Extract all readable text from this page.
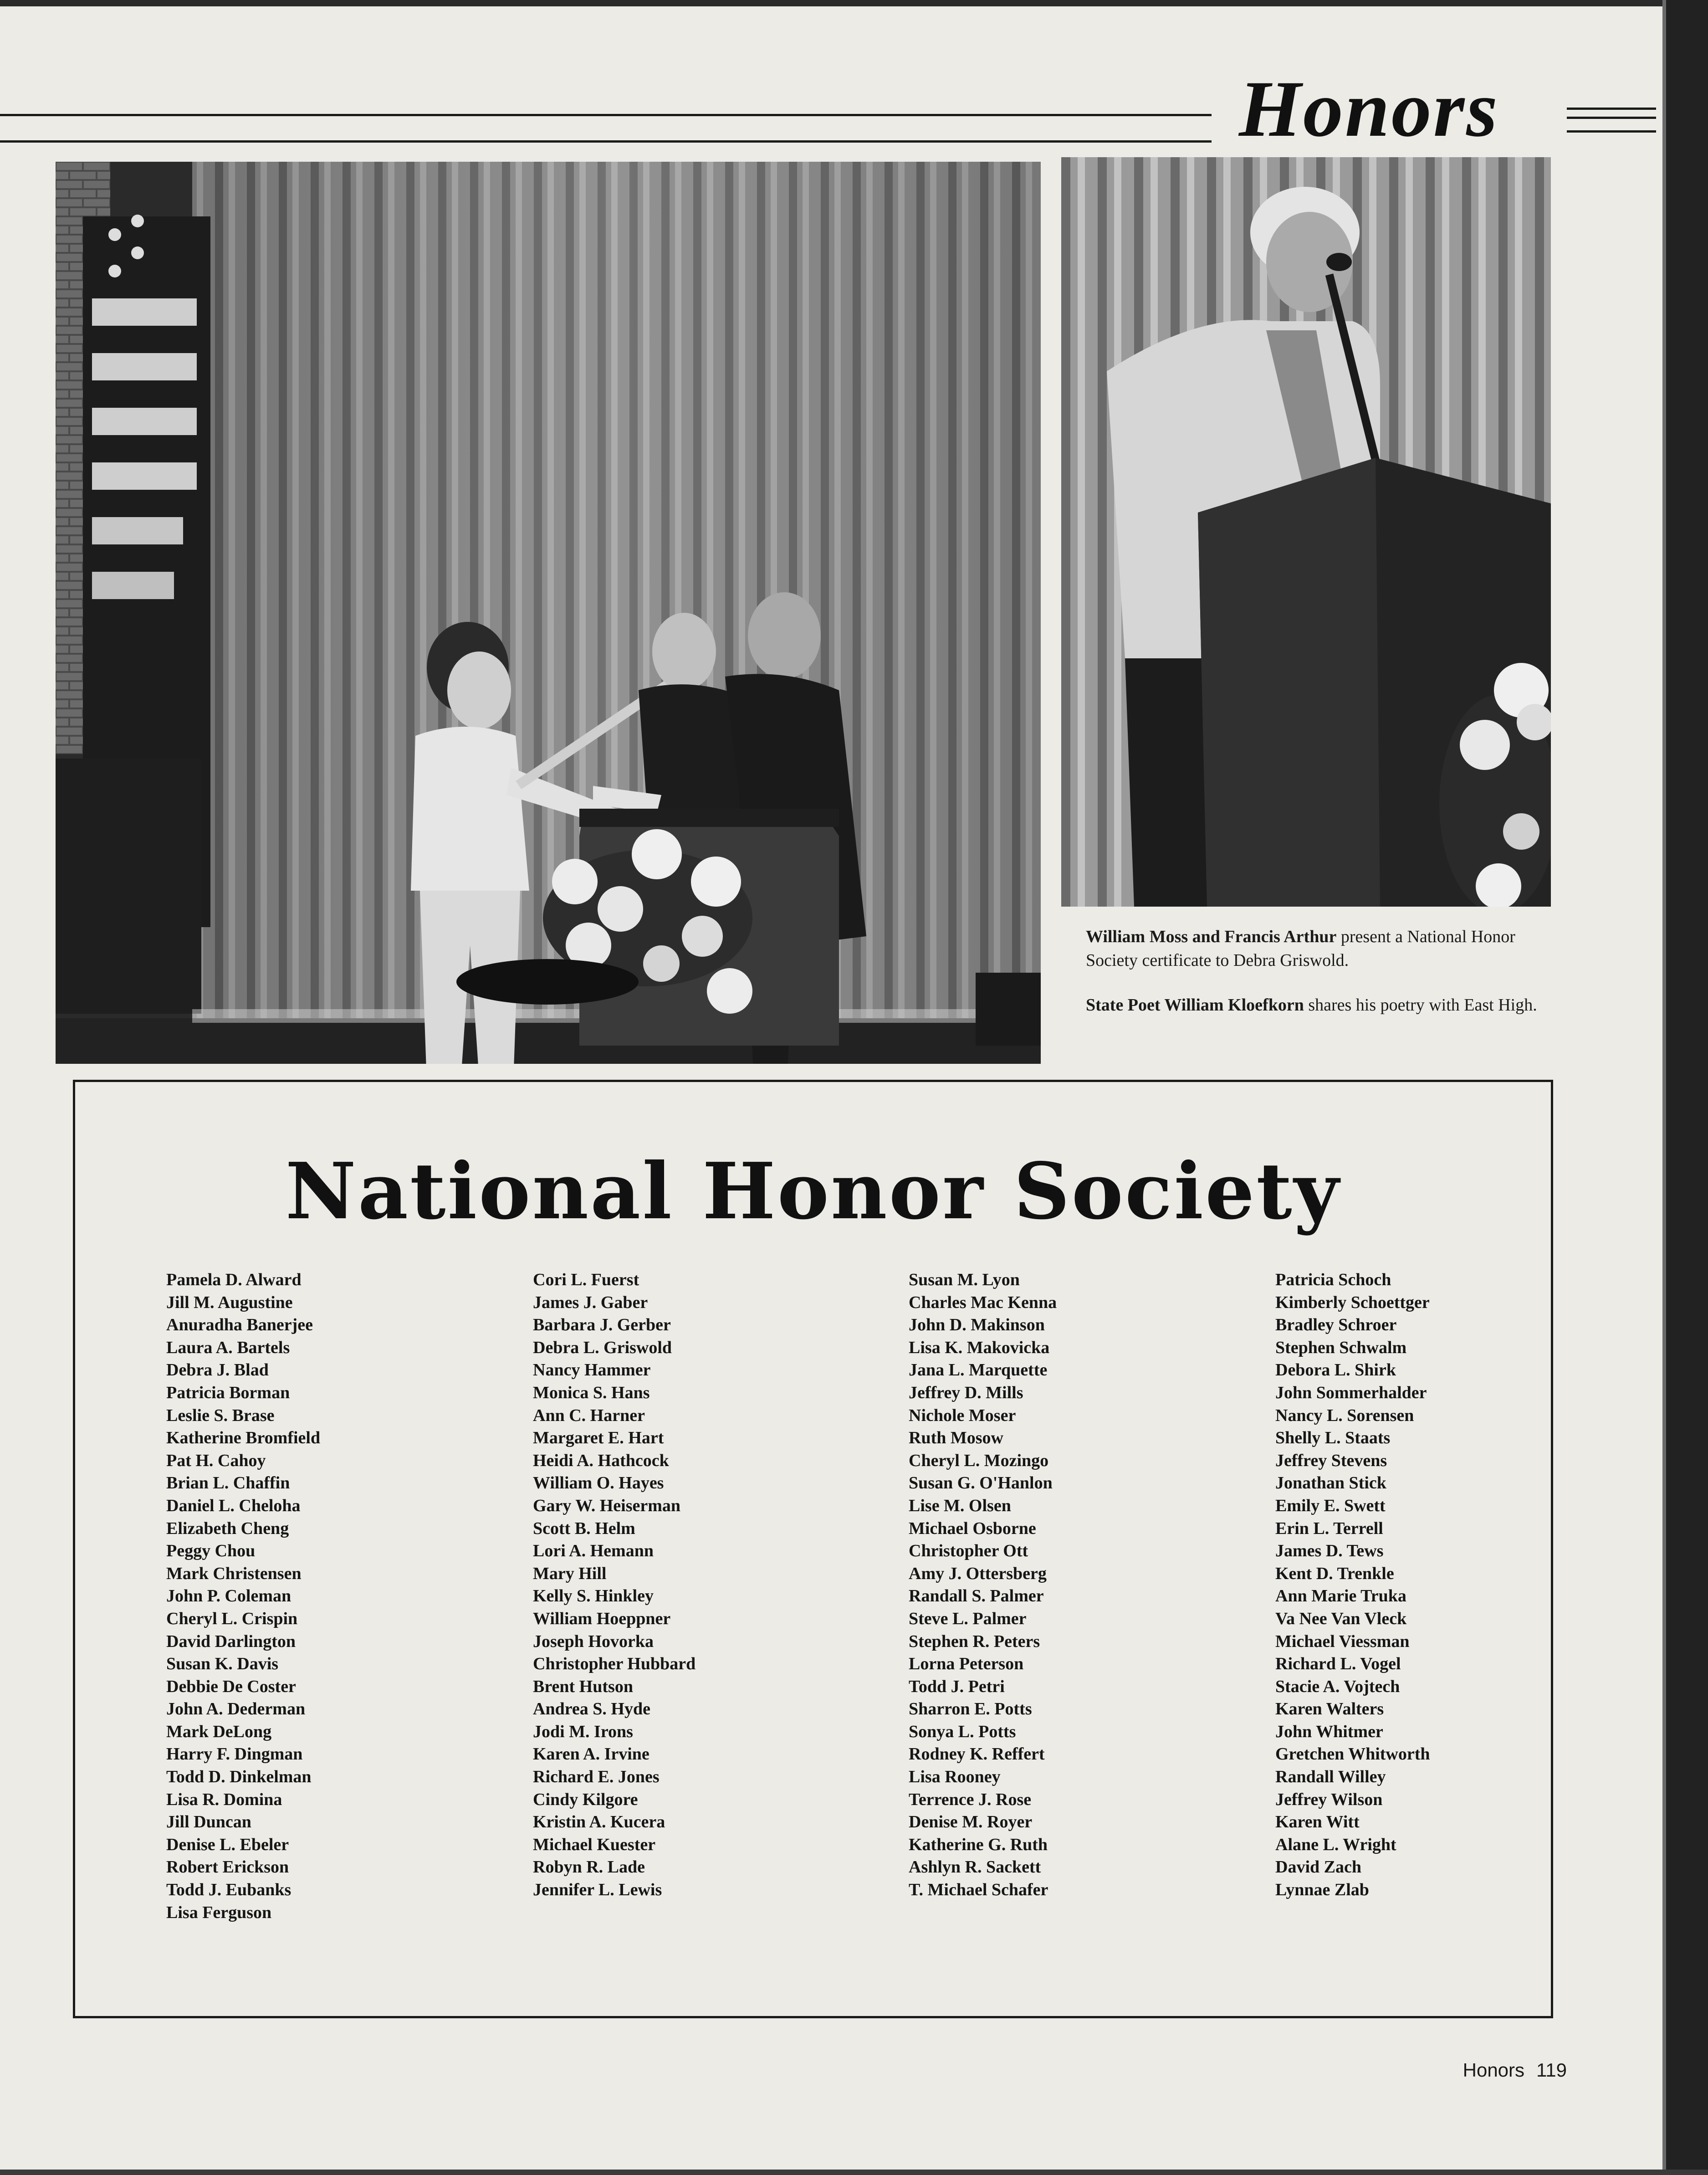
Honors
William Moss and Francis Arthur present a National Honor Society certificate to Debra Griswold.
State Poet William Kloefkorn shares his poetry with East High.
National Honor Society
Pamela D. Alward
Jill M. Augustine
Anuradha Banerjee
Laura A. Bartels
Debra J. Blad
Patricia Borman
Leslie S. Brase
Katherine Bromfield
Pat H. Cahoy
Brian L. Chaffin
Daniel L. Cheloha
Elizabeth Cheng
Peggy Chou
Mark Christensen
John P. Coleman
Cheryl L. Crispin
David Darlington
Susan K. Davis
Debbie De Coster
John A. Dederman
Mark DeLong
Harry F. Dingman
Todd D. Dinkelman
Lisa R. Domina
Jill Duncan
Denise L. Ebeler
Robert Erickson
Todd J. Eubanks
Lisa Ferguson
Cori L. Fuerst
James J. Gaber
Barbara J. Gerber
Debra L. Griswold
Nancy Hammer
Monica S. Hans
Ann C. Harner
Margaret E. Hart
Heidi A. Hathcock
William O. Hayes
Gary W. Heiserman
Scott B. Helm
Lori A. Hemann
Mary Hill
Kelly S. Hinkley
William Hoeppner
Joseph Hovorka
Christopher Hubbard
Brent Hutson
Andrea S. Hyde
Jodi M. Irons
Karen A. Irvine
Richard E. Jones
Cindy Kilgore
Kristin A. Kucera
Michael Kuester
Robyn R. Lade
Jennifer L. Lewis
Susan M. Lyon
Charles Mac Kenna
John D. Makinson
Lisa K. Makovicka
Jana L. Marquette
Jeffrey D. Mills
Nichole Moser
Ruth Mosow
Cheryl L. Mozingo
Susan G. O'Hanlon
Lise M. Olsen
Michael Osborne
Christopher Ott
Amy J. Ottersberg
Randall S. Palmer
Steve L. Palmer
Stephen R. Peters
Lorna Peterson
Todd J. Petri
Sharron E. Potts
Sonya L. Potts
Rodney K. Reffert
Lisa Rooney
Terrence J. Rose
Denise M. Royer
Katherine G. Ruth
Ashlyn R. Sackett
T. Michael Schafer
Patricia Schoch
Kimberly Schoettger
Bradley Schroer
Stephen Schwalm
Debora L. Shirk
John Sommerhalder
Nancy L. Sorensen
Shelly L. Staats
Jeffrey Stevens
Jonathan Stick
Emily E. Swett
Erin L. Terrell
James D. Tews
Kent D. Trenkle
Ann Marie Truka
Va Nee Van Vleck
Michael Viessman
Richard L. Vogel
Stacie A. Vojtech
Karen Walters
John Whitmer
Gretchen Whitworth
Randall Willey
Jeffrey Wilson
Karen Witt
Alane L. Wright
David Zach
Lynnae Zlab
Honors 119
